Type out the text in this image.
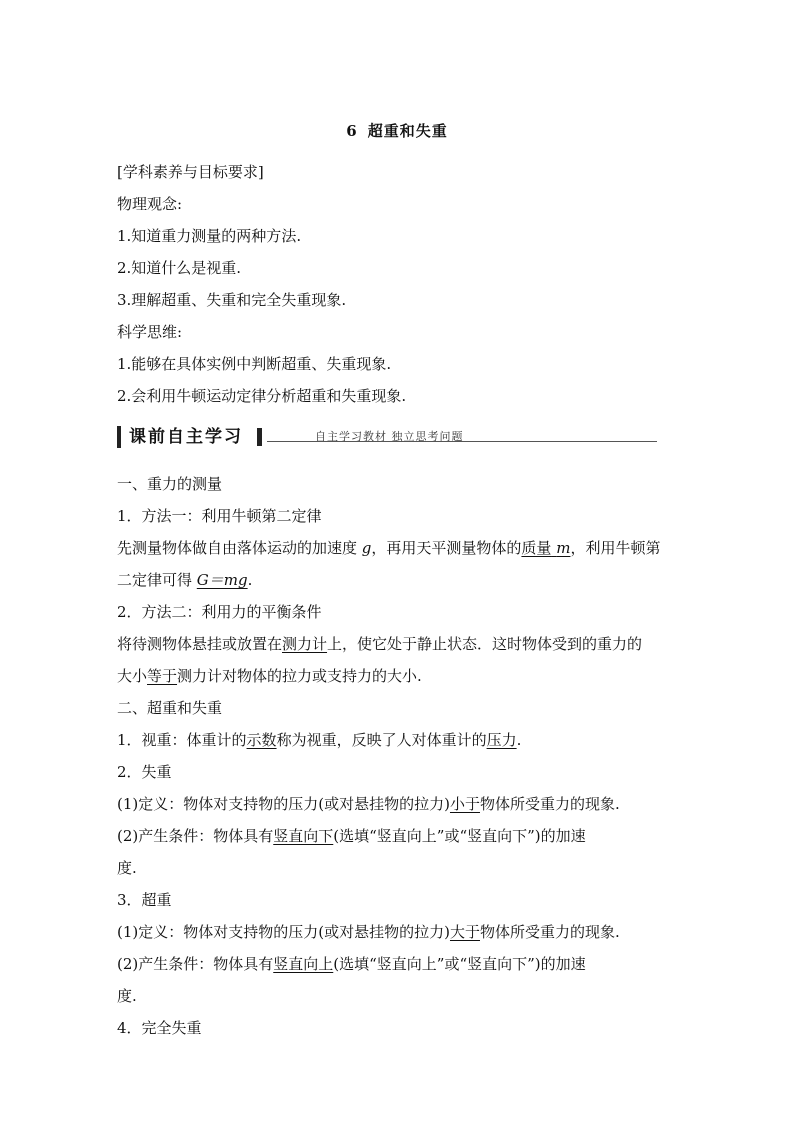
6 超重和失重
[学科素养与目标要求]
物理观念:
1.知道重力测量的两种方法.
2.知道什么是视重.
3.理解超重、失重和完全失重现象.
科学思维:
1.能够在具体实例中判断超重、失重现象.
2.会利用牛顿运动定律分析超重和失重现象.
课前自主学习	自主学习教材 独立思考问题
一、重力的测量
1．方法一：利用牛顿第二定律
先测量物体做自由落体运动的加速度 g，再用天平测量物体的质量 m，利用牛顿第
二定律可得 G＝mg.
2．方法二：利用力的平衡条件
将待测物体悬挂或放置在测力计上，使它处于静止状态．这时物体受到的重力的
大小等于测力计对物体的拉力或支持力的大小.
二、超重和失重
1．视重：体重计的示数称为视重，反映了人对体重计的压力.
2．失重
(1)定义：物体对支持物的压力(或对悬挂物的拉力)小于物体所受重力的现象.
(2)产生条件：物体具有竖直向下(选填“竖直向上”或“竖直向下”)的加速
度.
3．超重
(1)定义：物体对支持物的压力(或对悬挂物的拉力)大于物体所受重力的现象.
(2)产生条件：物体具有竖直向上(选填“竖直向上”或“竖直向下”)的加速
度.
4．完全失重
